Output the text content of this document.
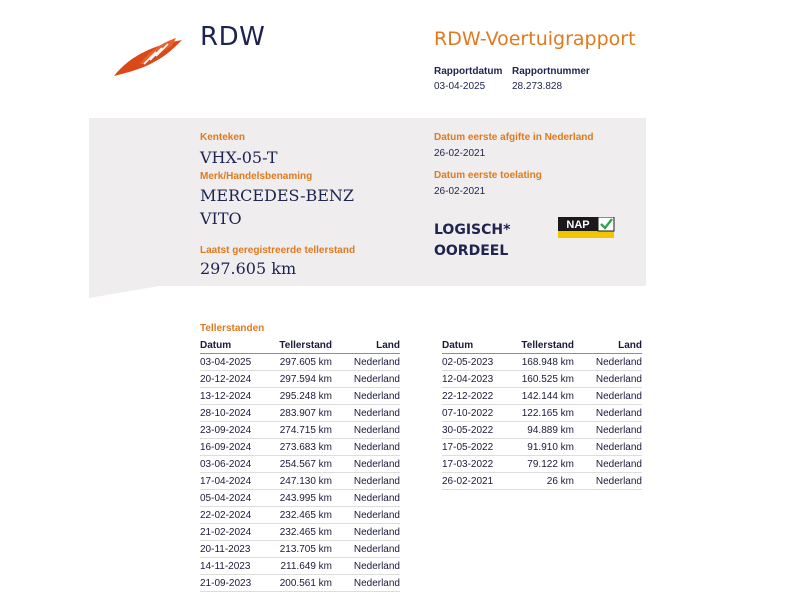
RDW	RDW-Voertuigrapport
Rapportdatum
03-04-2025
Rapportnummer
28.273.828
Kenteken
VHX-05-T
Merk/Handelsbenaming
MERCEDES-BENZ
VITO
Laatst geregistreerde tellerstand
297.605 km
Datum eerste afgifte in Nederland
26-02-2021
Datum eerste toelating
26-02-2021
LOGISCH*
OORDEEL
NAP
Tellerstanden
Datum	Tellerstand	Land
03-04-2025	297.605 km	Nederland
20-12-2024	297.594 km	Nederland
13-12-2024	295.248 km	Nederland
28-10-2024	283.907 km	Nederland
23-09-2024	274.715 km	Nederland
16-09-2024	273.683 km	Nederland
03-06-2024	254.567 km	Nederland
17-04-2024	247.130 km	Nederland
05-04-2024	243.995 km	Nederland
22-02-2024	232.465 km	Nederland
21-02-2024	232.465 km	Nederland
20-11-2023	213.705 km	Nederland
14-11-2023	211.649 km	Nederland
21-09-2023	200.561 km	Nederland
Datum	Tellerstand	Land
02-05-2023	168.948 km	Nederland
12-04-2023	160.525 km	Nederland
22-12-2022	142.144 km	Nederland
07-10-2022	122.165 km	Nederland
30-05-2022	94.889 km	Nederland
17-05-2022	91.910 km	Nederland
17-03-2022	79.122 km	Nederland
26-02-2021	26 km	Nederland
